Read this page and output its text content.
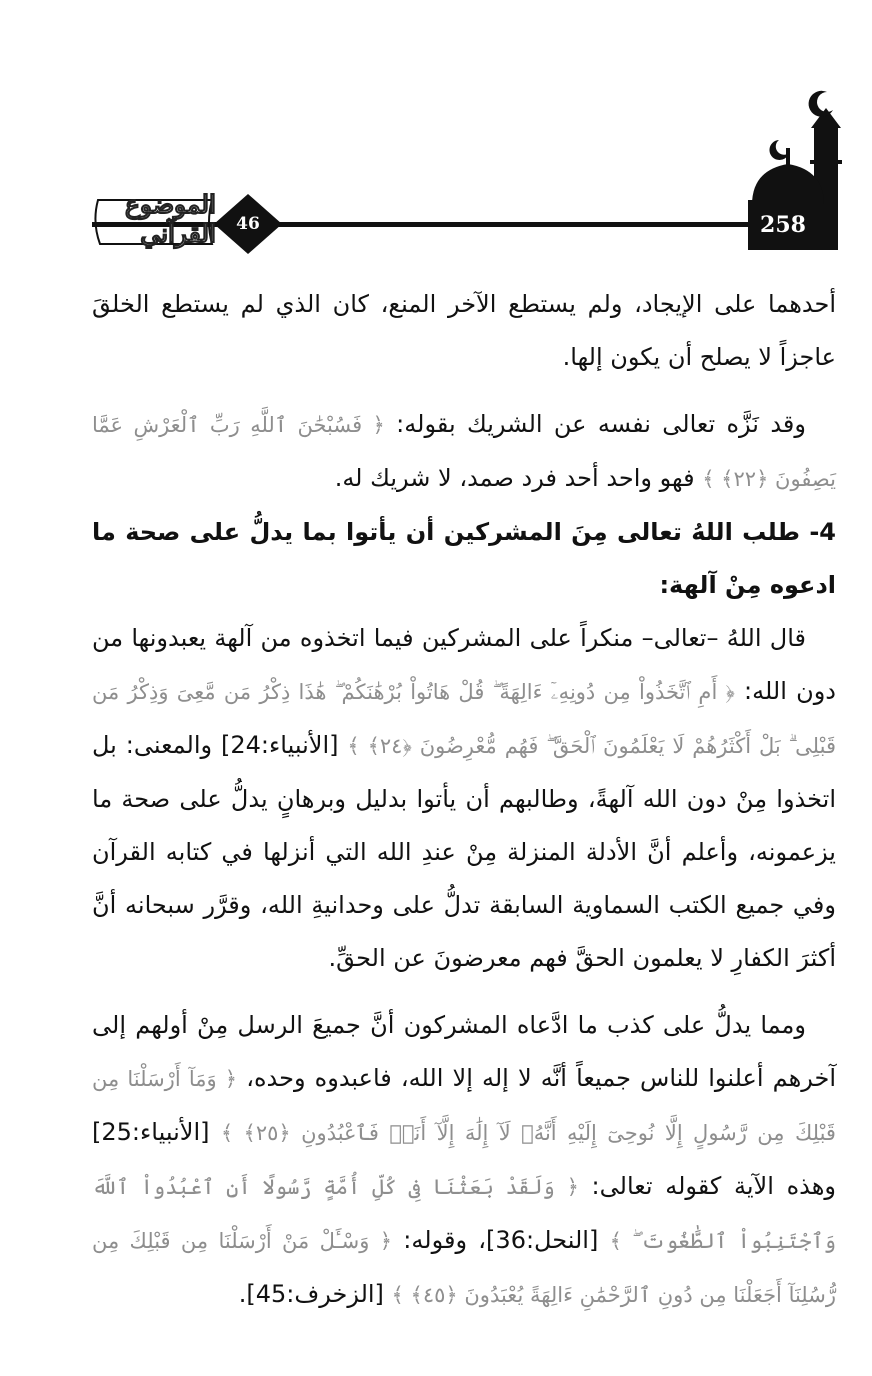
258
46
الموضوع القرآني

أحدهما على الإيجاد، ولم يستطع الآخر المنع، كان الذي لم يستطع الخلقَ عاجزاً لا يصلح أن يكون إلها.

وقد نَزَّه تعالى نفسه عن الشريك بقوله: ﴿ فَسُبْحَٰنَ ٱللَّهِ رَبِّ ٱلْعَرْشِ عَمَّا يَصِفُونَ ﴿٢٢﴾ ﴾ فهو واحد أحد فرد صمد، لا شريك له.

4- طلب اللهُ تعالى مِنَ المشركين أن يأتوا بما يدلُّ على صحة ما ادعوه مِنْ آلهة:

قال اللهُ –تعالى– منكراً على المشركين فيما اتخذوه من آلهة يعبدونها من دون الله: ﴿ أَمِ ٱتَّخَذُواْ مِن دُونِهِۦٓ ءَالِهَةً ۖ قُلْ هَاتُواْ بُرْهَٰنَكُمْ ۖ هَٰذَا ذِكْرُ مَن مَّعِىَ وَذِكْرُ مَن قَبْلِى ۗ بَلْ أَكْثَرُهُمْ لَا يَعْلَمُونَ ٱلْحَقَّ ۖ فَهُم مُّعْرِضُونَ ﴿٢٤﴾ ﴾ [الأنبياء:24] والمعنى: بل اتخذوا مِنْ دون الله آلهةً، وطالبهم أن يأتوا بدليل وبرهانٍ يدلُّ على صحة ما يزعمونه، وأعلم أنَّ الأدلة المنزلة مِنْ عندِ الله التي أنزلها في كتابه القرآن وفي جميع الكتب السماوية السابقة تدلُّ على وحدانيةِ الله، وقرَّر سبحانه أنَّ أكثرَ الكفارِ لا يعلمون الحقَّ فهم معرضونَ عن الحقِّ.

ومما يدلُّ على كذب ما ادَّعاه المشركون أنَّ جميعَ الرسل مِنْ أولهم إلى آخرهم أعلنوا للناس جميعاً أنَّه لا إله إلا الله، فاعبدوه وحده، ﴿ وَمَآ أَرْسَلْنَا مِن قَبْلِكَ مِن رَّسُولٍ إِلَّا نُوحِىٓ إِلَيْهِ أَنَّهُۥ لَآ إِلَٰهَ إِلَّآ أَنَا۠ فَٱعْبُدُونِ ﴿٢٥﴾ ﴾ [الأنبياء:25] وهذه الآية كقوله تعالى: ﴿ وَلَقَدْ بَعَثْنَا فِى كُلِّ أُمَّةٍ رَّسُولًا أَنِ ٱعْبُدُواْ ٱللَّهَ وَٱجْتَنِبُواْ ٱلطَّٰغُوتَ ۖ ﴾ [النحل:36]، وقوله: ﴿ وَسْـَٔلْ مَنْ أَرْسَلْنَا مِن قَبْلِكَ مِن رُّسُلِنَآ أَجَعَلْنَا مِن دُونِ ٱلرَّحْمَٰنِ ءَالِهَةً يُعْبَدُونَ ﴿٤٥﴾ ﴾ [الزخرف:45].
